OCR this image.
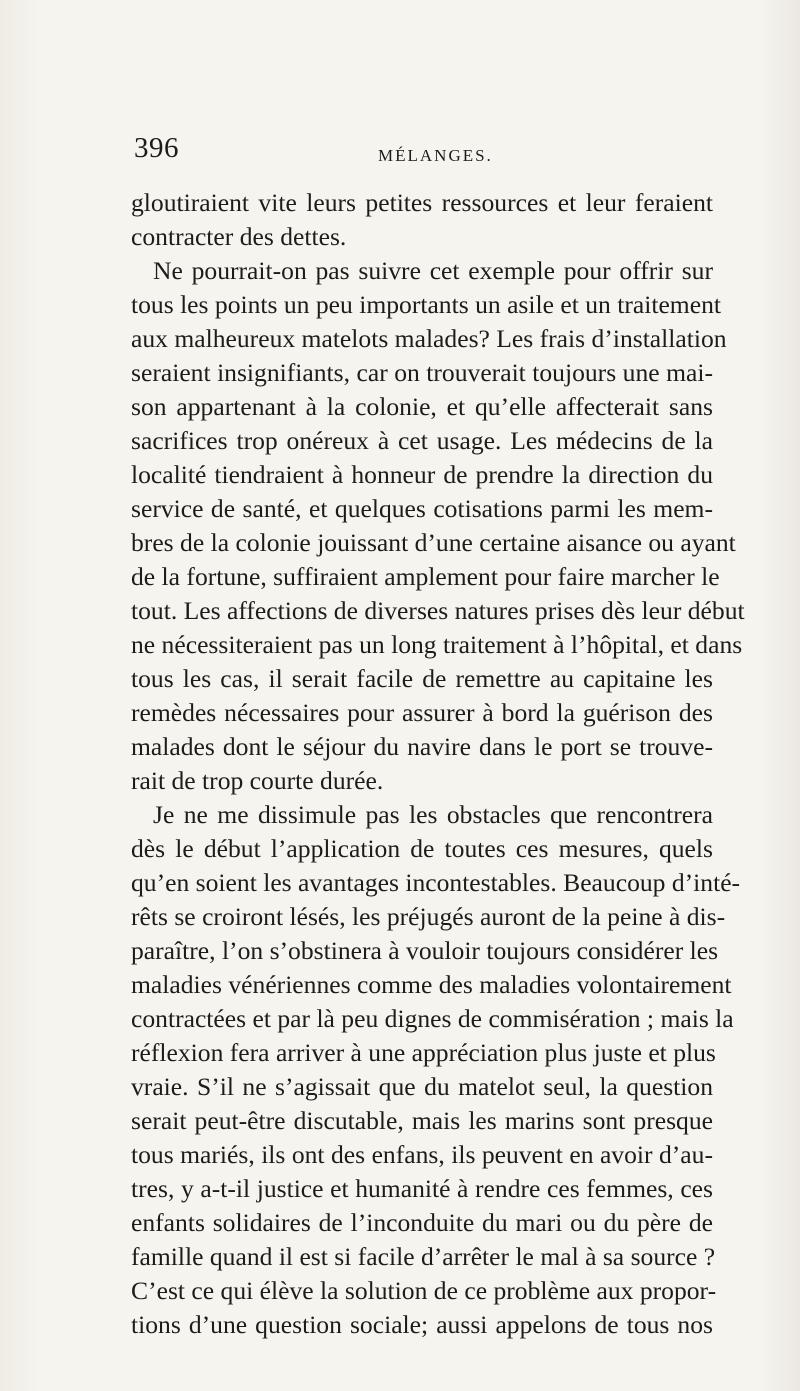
396	MÉLANGES.
gloutiraient vite leurs petites ressources et leur feraient
contracter des dettes.
Ne pourrait-on pas suivre cet exemple pour offrir sur
tous les points un peu importants un asile et un traitement
aux malheureux matelots malades? Les frais d’installation
seraient insignifiants, car on trouverait toujours une mai-
son appartenant à la colonie, et qu’elle affecterait sans
sacrifices trop onéreux à cet usage. Les médecins de la
localité tiendraient à honneur de prendre la direction du
service de santé, et quelques cotisations parmi les mem-
bres de la colonie jouissant d’une certaine aisance ou ayant
de la fortune, suffiraient amplement pour faire marcher le
tout. Les affections de diverses natures prises dès leur début
ne nécessiteraient pas un long traitement à l’hôpital, et dans
tous les cas, il serait facile de remettre au capitaine les
remèdes nécessaires pour assurer à bord la guérison des
malades dont le séjour du navire dans le port se trouve-
rait de trop courte durée.
Je ne me dissimule pas les obstacles que rencontrera
dès le début l’application de toutes ces mesures, quels
qu’en soient les avantages incontestables. Beaucoup d’inté-
rêts se croiront lésés, les préjugés auront de la peine à dis-
paraître, l’on s’obstinera à vouloir toujours considérer les
maladies vénériennes comme des maladies volontairement
contractées et par là peu dignes de commisération ; mais la
réflexion fera arriver à une appréciation plus juste et plus
vraie. S’il ne s’agissait que du matelot seul, la question
serait peut-être discutable, mais les marins sont presque
tous mariés, ils ont des enfans, ils peuvent en avoir d’au-
tres, y a-t-il justice et humanité à rendre ces femmes, ces
enfants solidaires de l’inconduite du mari ou du père de
famille quand il est si facile d’arrêter le mal à sa source ?
C’est ce qui élève la solution de ce problème aux propor-
tions d’une question sociale; aussi appelons de tous nos
